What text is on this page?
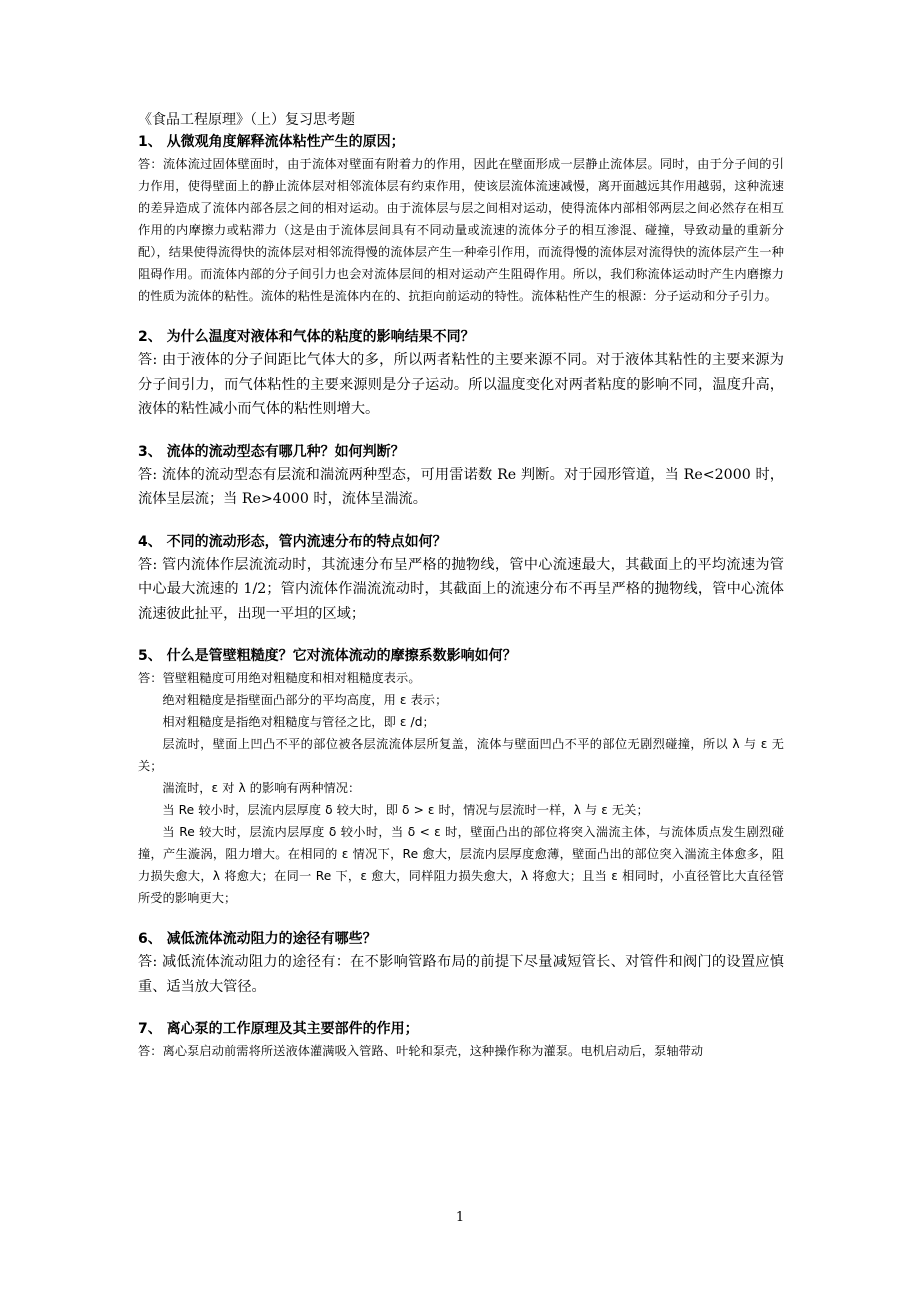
《食品工程原理》（上）复习思考题

1、 从微观角度解释流体粘性产生的原因；

答：流体流过固体壁面时，由于流体对壁面有附着力的作用，因此在壁面形成一层静止流体层。同时，由于分子间的引力作用，使得壁面上的静止流体层对相邻流体层有约束作用，使该层流体流速减慢，离开面越远其作用越弱，这种流速的差异造成了流体内部各层之间的相对运动。由于流体层与层之间相对运动，使得流体内部相邻两层之间必然存在相互作用的内摩擦力或粘滞力（这是由于流体层间具有不同动量或流速的流体分子的相互渗混、碰撞，导致动量的重新分配），结果使得流得快的流体层对相邻流得慢的流体层产生一种牵引作用，而流得慢的流体层对流得快的流体层产生一种阻碍作用。而流体内部的分子间引力也会对流体层间的相对运动产生阻碍作用。所以，我们称流体运动时产生内磨擦力的性质为流体的粘性。流体的粘性是流体内在的、抗拒向前运动的特性。流体粘性产生的根源：分子运动和分子引力。

2、 为什么温度对液体和气体的粘度的影响结果不同？

答: 由于液体的分子间距比气体大的多，所以两者粘性的主要来源不同。对于液体其粘性的主要来源为分子间引力，而气体粘性的主要来源则是分子运动。所以温度变化对两者粘度的影响不同，温度升高，液体的粘性减小而气体的粘性则增大。

3、 流体的流动型态有哪几种？如何判断？

答: 流体的流动型态有层流和湍流两种型态，可用雷诺数 Re 判断。对于园形管道，当 Re<2000 时，流体呈层流；当 Re>4000 时，流体呈湍流。

4、 不同的流动形态，管内流速分布的特点如何？

答: 管内流体作层流流动时，其流速分布呈严格的抛物线，管中心流速最大，其截面上的平均流速为管中心最大流速的 1/2；管内流体作湍流流动时，其截面上的流速分布不再呈严格的抛物线，管中心流体流速彼此扯平，出现一平坦的区域；

5、 什么是管壁粗糙度？它对流体流动的摩擦系数影响如何？

答：管壁粗糙度可用绝对粗糙度和相对粗糙度表示。

绝对粗糙度是指壁面凸部分的平均高度，用 ε 表示；

相对粗糙度是指绝对粗糙度与管径之比，即 ε /d；

层流时，壁面上凹凸不平的部位被各层流流体层所复盖，流体与壁面凹凸不平的部位无剧烈碰撞，所以 λ 与 ε 无关；

湍流时，ε 对 λ 的影响有两种情况：

当 Re 较小时，层流内层厚度 δ 较大时，即 δ > ε 时，情况与层流时一样，λ 与 ε 无关；

当 Re 较大时，层流内层厚度 δ 较小时，当 δ < ε 时，壁面凸出的部位将突入湍流主体，与流体质点发生剧烈碰撞，产生漩涡，阻力增大。在相同的 ε 情况下，Re 愈大，层流内层厚度愈薄，壁面凸出的部位突入湍流主体愈多，阻力损失愈大，λ 将愈大；在同一 Re 下，ε 愈大，同样阻力损失愈大，λ 将愈大；且当 ε 相同时，小直径管比大直径管所受的影响更大；

6、 减低流体流动阻力的途径有哪些？

答: 减低流体流动阻力的途径有：在不影响管路布局的前提下尽量减短管长、对管件和阀门的设置应慎重、适当放大管径。

7、 离心泵的工作原理及其主要部件的作用；

答：离心泵启动前需将所送液体灌满吸入管路、叶轮和泵壳，这种操作称为灌泵。电机启动后，泵轴带动

1
